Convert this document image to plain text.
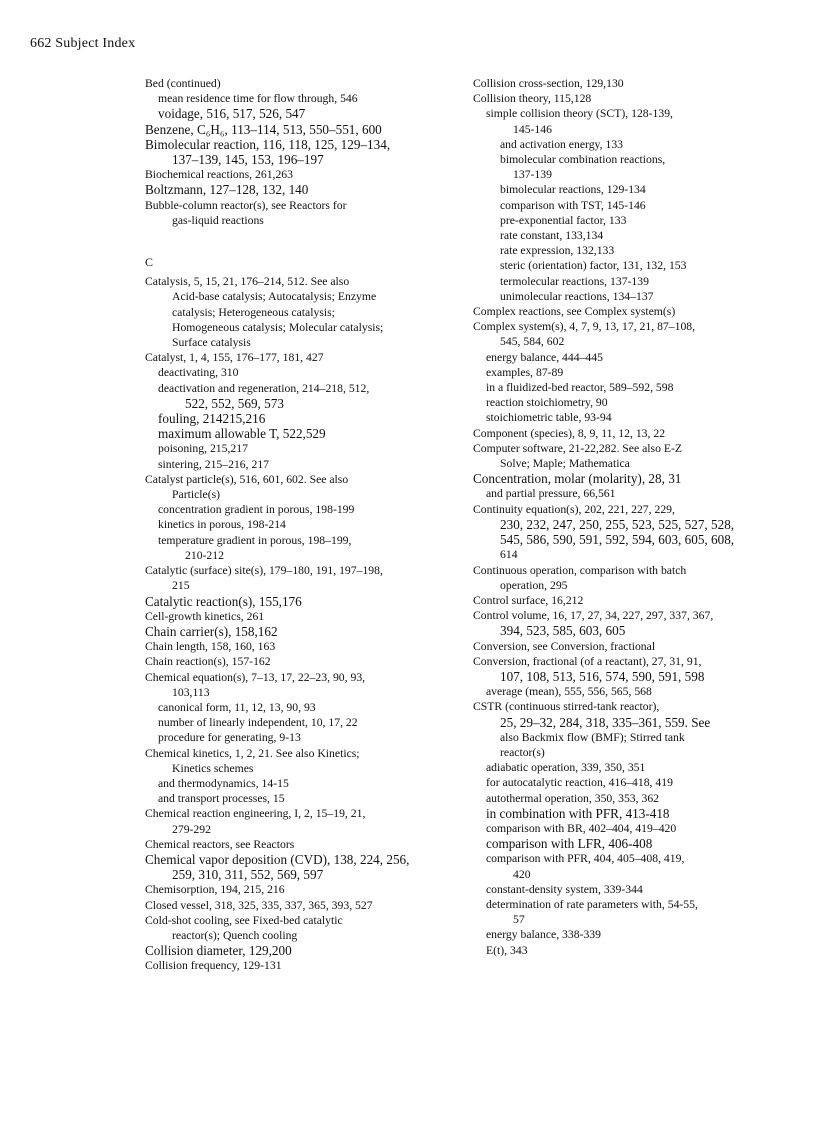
662 Subject Index
Bed (continued)
mean residence time for flow through, 546
voidage, 516, 517, 526, 547
Benzene, C₆H₆, 113–114, 513, 550–551, 600
Bimolecular reaction, 116, 118, 125, 129–134,
137–139, 145, 153, 196–197
Biochemical reactions, 261,263
Boltzmann, 127–128, 132, 140
Bubble-column reactor(s), see Reactors for
gas-liquid reactions
C
Catalysis, 5, 15, 21, 176–214, 512. See also
Acid-base catalysis; Autocatalysis; Enzyme
catalysis; Heterogeneous catalysis;
Homogeneous catalysis; Molecular catalysis;
Surface catalysis
Catalyst, 1, 4, 155, 176–177, 181, 427
deactivating, 310
deactivation and regeneration, 214–218, 512,
522, 552, 569, 573
fouling, 214215,216
maximum allowable T, 522,529
poisoning, 215,217
sintering, 215–216, 217
Catalyst particle(s), 516, 601, 602. See also
Particle(s)
concentration gradient in porous, 198-199
kinetics in porous, 198-214
temperature gradient in porous, 198–199,
210-212
Catalytic (surface) site(s), 179–180, 191, 197–198,
215
Catalytic reaction(s), 155,176
Cell-growth kinetics, 261
Chain carrier(s), 158,162
Chain length, 158, 160, 163
Chain reaction(s), 157-162
Chemical equation(s), 7–13, 17, 22–23, 90, 93,
103,113
canonical form, 11, 12, 13, 90, 93
number of linearly independent, 10, 17, 22
procedure for generating, 9-13
Chemical kinetics, 1, 2, 21. See also Kinetics;
Kinetics schemes
and thermodynamics, 14-15
and transport processes, 15
Chemical reaction engineering, I, 2, 15–19, 21,
279-292
Chemical reactors, see Reactors
Chemical vapor deposition (CVD), 138, 224, 256,
259, 310, 311, 552, 569, 597
Chemisorption, 194, 215, 216
Closed vessel, 318, 325, 335, 337, 365, 393, 527
Cold-shot cooling, see Fixed-bed catalytic
reactor(s); Quench cooling
Collision diameter, 129,200
Collision frequency, 129-131
Collision cross-section, 129,130
Collision theory, 115,128
simple collision theory (SCT), 128-139,
145-146
and activation energy, 133
bimolecular combination reactions,
137-139
bimolecular reactions, 129-134
comparison with TST, 145-146
pre-exponential factor, 133
rate constant, 133,134
rate expression, 132,133
steric (orientation) factor, 131, 132, 153
termolecular reactions, 137-139
unimolecular reactions, 134–137
Complex reactions, see Complex system(s)
Complex system(s), 4, 7, 9, 13, 17, 21, 87–108,
545, 584, 602
energy balance, 444–445
examples, 87-89
in a fluidized-bed reactor, 589–592, 598
reaction stoichiometry, 90
stoichiometric table, 93-94
Component (species), 8, 9, 11, 12, 13, 22
Computer software, 21-22,282. See also E-Z
Solve; Maple; Mathematica
Concentration, molar (molarity), 28, 31
and partial pressure, 66,561
Continuity equation(s), 202, 221, 227, 229,
230, 232, 247, 250, 255, 523, 525, 527, 528,
545, 586, 590, 591, 592, 594, 603, 605, 608,
614
Continuous operation, comparison with batch
operation, 295
Control surface, 16,212
Control volume, 16, 17, 27, 34, 227, 297, 337, 367,
394, 523, 585, 603, 605
Conversion, see Conversion, fractional
Conversion, fractional (of a reactant), 27, 31, 91,
107, 108, 513, 516, 574, 590, 591, 598
average (mean), 555, 556, 565, 568
CSTR (continuous stirred-tank reactor),
25, 29–32, 284, 318, 335–361, 559. See
also Backmix flow (BMF); Stirred tank
reactor(s)
adiabatic operation, 339, 350, 351
for autocatalytic reaction, 416–418, 419
autothermal operation, 350, 353, 362
in combination with PFR, 413-418
comparison with BR, 402–404, 419–420
comparison with LFR, 406-408
comparison with PFR, 404, 405–408, 419,
420
constant-density system, 339-344
determination of rate parameters with, 54-55,
57
energy balance, 338-339
E(t), 343
